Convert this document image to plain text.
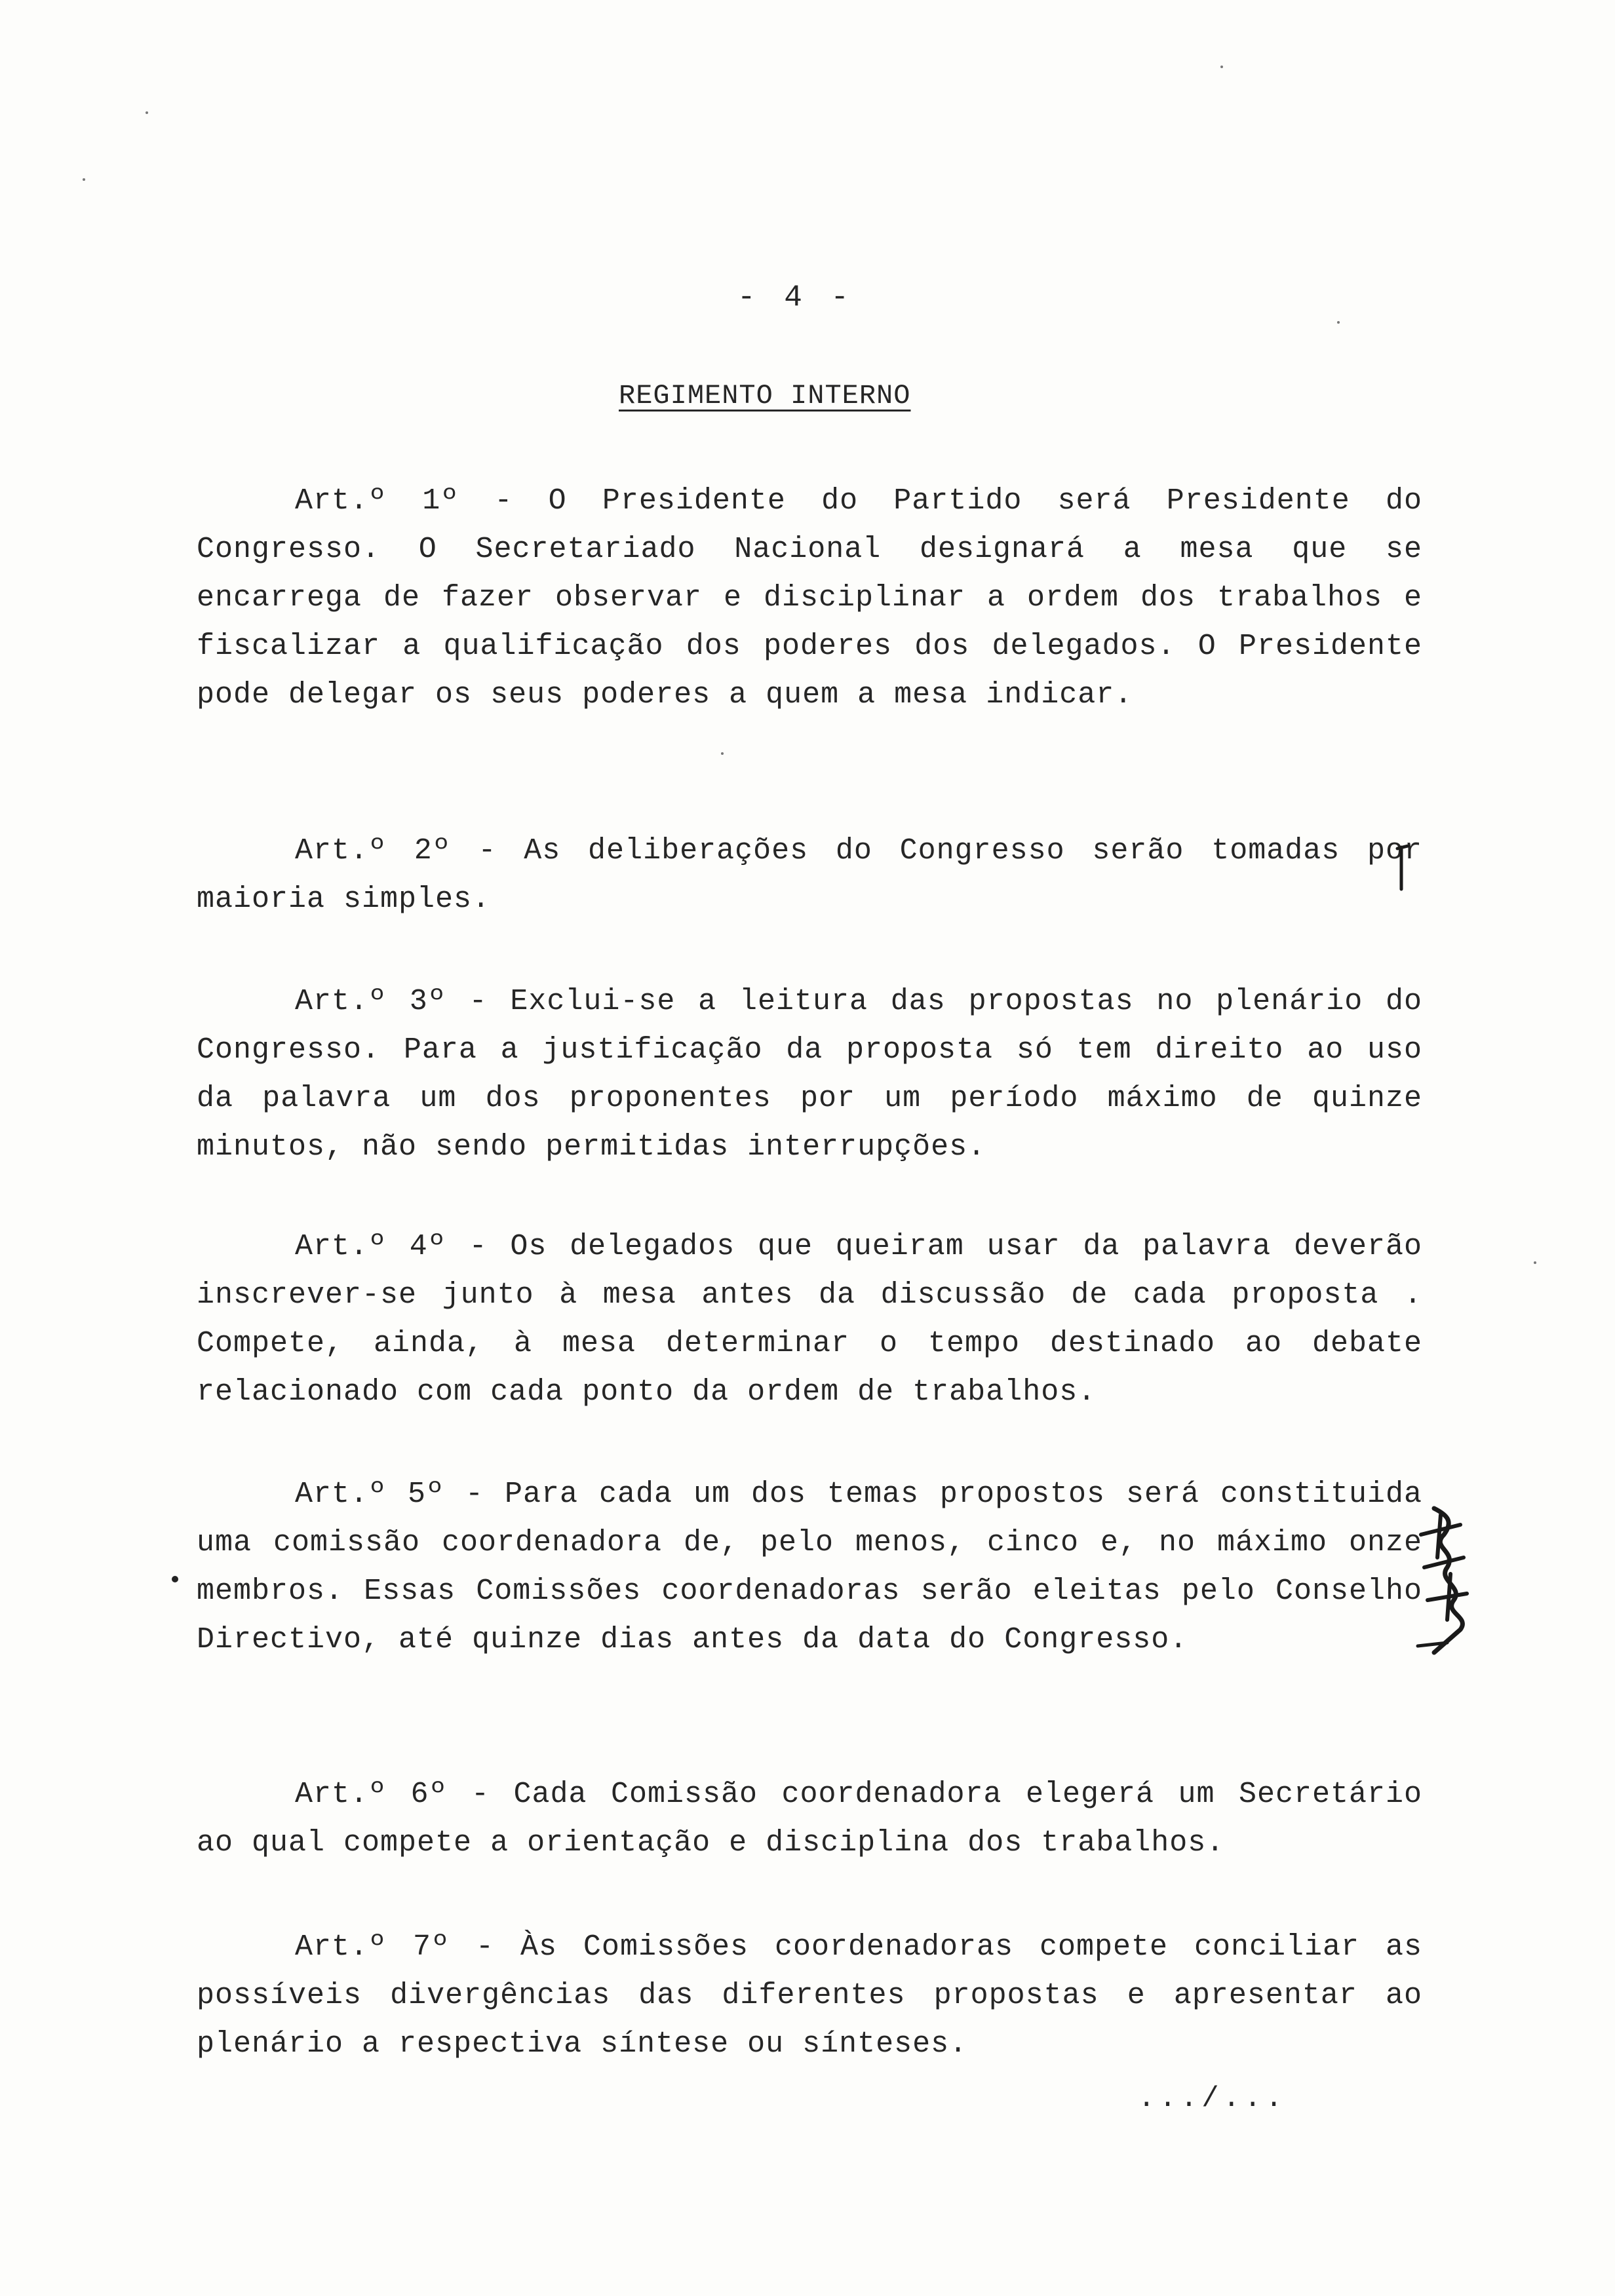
- 4 -
REGIMENTO INTERNO

Art.º 1º - O Presidente do Partido será Presidente do Congresso. O Secretariado Nacional designará a mesa que se encarrega de fazer observar e disciplinar a ordem dos trabalhos e fiscalizar a qualificação dos poderes dos delegados. O Presidente pode delegar os seus poderes a quem a mesa indicar.

Art.º 2º - As deliberações do Congresso serão tomadas por maioria simples.

Art.º 3º - Exclui-se a leitura das propostas no plenário do Congresso. Para a justificação da proposta só tem direito ao uso da palavra um dos proponentes por um período máximo de quinze minutos, não sendo permitidas interrupções.

Art.º 4º - Os delegados que queiram usar da palavra deverão inscrever-se junto à mesa antes da discussão de cada proposta . Compete, ainda, à mesa determinar o tempo destinado ao debate relacionado com cada ponto da ordem de trabalhos.

Art.º 5º - Para cada um dos temas propostos será constituida uma comissão coordenadora de, pelo menos, cinco e, no máximo onze membros. Essas Comissões coordenadoras serão eleitas pelo Conselho Directivo, até quinze dias antes da data do Congresso.

Art.º 6º - Cada Comissão coordenadora elegerá um Secretário ao qual compete a orientação e disciplina dos trabalhos.

Art.º 7º - Às Comissões coordenadoras compete conciliar as possíveis divergências das diferentes propostas e apresentar ao plenário a respectiva síntese ou sínteses.

.../...
